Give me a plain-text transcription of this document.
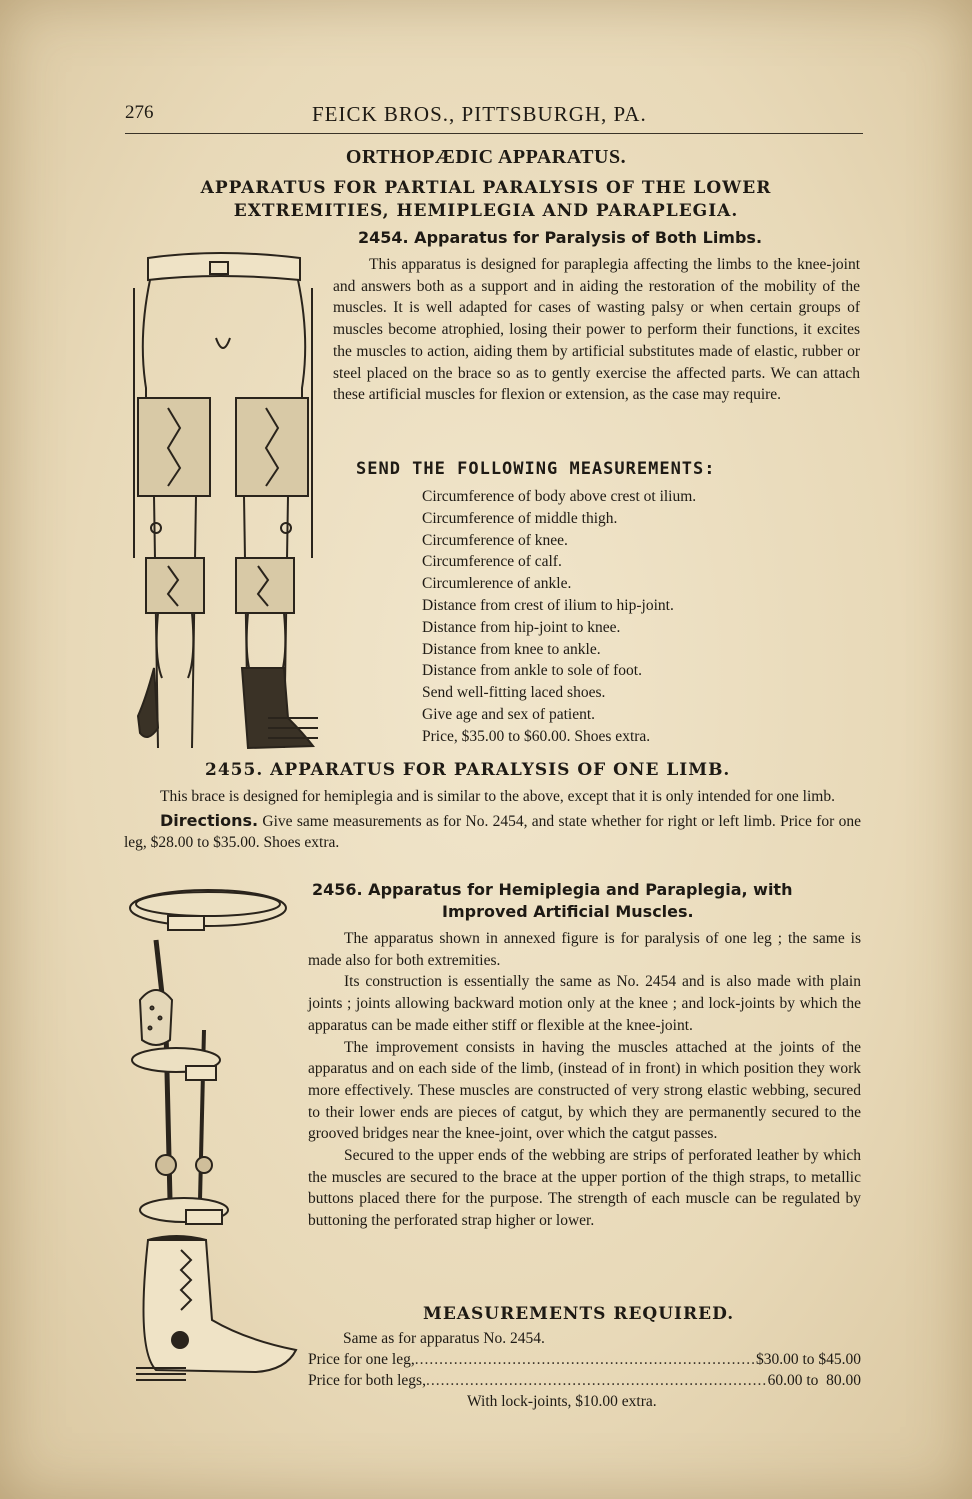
276	FEICK BROS., PITTSBURGH, PA.
ORTHOPÆDIC APPARATUS.
APPARATUS FOR PARTIAL PARALYSIS OF THE LOWER
EXTREMITIES, HEMIPLEGIA AND PARAPLEGIA.
2454. Apparatus for Paralysis of Both Limbs.

This apparatus is designed for paraplegia affecting the limbs to the knee-joint and answers both as a support and in aiding the restoration of the mobility of the muscles. It is well adapted for cases of wasting palsy or when certain groups of muscles become atrophied, losing their power to perform their functions, it excites the muscles to action, aiding them by artificial substitutes made of elastic, rubber or steel placed on the brace so as to gently exercise the affected parts. We can attach these artificial muscles for flexion or extension, as the case may require.

SEND THE FOLLOWING MEASUREMENTS:
Circumference of body above crest ot ilium.
Circumference of middle thigh.
Circumference of knee.
Circumference of calf.
Circumlerence of ankle.
Distance from crest of ilium to hip-joint.
Distance from hip-joint to knee.
Distance from knee to ankle.
Distance from ankle to sole of foot.
Send well-fitting laced shoes.
Give age and sex of patient.
Price, $35.00 to $60.00. Shoes extra.
2455. APPARATUS FOR PARALYSIS OF ONE LIMB.

This brace is designed for hemiplegia and is similar to the above, except that it is only intended for one limb.

Directions. Give same measurements as for No. 2454, and state whether for right or left limb. Price for one leg, $28.00 to $35.00. Shoes extra.

2456. Apparatus for Hemiplegia and Paraplegia, with
Improved Artificial Muscles.

The apparatus shown in annexed figure is for paralysis of one leg ; the same is made also for both extremities.

Its construction is essentially the same as No. 2454 and is also made with plain joints ; joints allowing backward motion only at the knee ; and lock-joints by which the apparatus can be made either stiff or flexible at the knee-joint.

The improvement consists in having the muscles attached at the joints of the apparatus and on each side of the limb, (instead of in front) in which position they work more effectively. These muscles are constructed of very strong elastic webbing, secured to their lower ends are pieces of catgut, by which they are permanently secured to the grooved bridges near the knee-joint, over which the catgut passes.

Secured to the upper ends of the webbing are strips of perforated leather by which the muscles are secured to the brace at the upper portion of the thigh straps, to metallic buttons placed there for the purpose. The strength of each muscle can be regulated by buttoning the perforated strap higher or lower.

MEASUREMENTS REQUIRED.
Same as for apparatus No. 2454.
Price for one leg, .....	$30.00 to $45.00
Price for both legs, .....	60.00 to  80.00
With lock-joints, $10.00 extra.
